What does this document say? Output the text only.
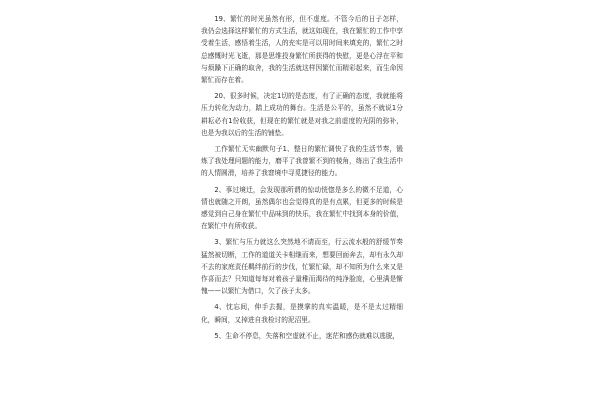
19、繁忙的时光虽然有形，但不虚度。不管今后的日子怎样，我仍会选择这样繁忙的方式生活，就这如现在，我在繁忙的工作中享受着生活，感悟着生活，人的充实是可以用时间来填充的，繁忙之时总感慨时光飞逝，那是思维投身繁忙所获得的快慰，更是心浮在平和与烦躁下正确的取舍，我的生活就这样因繁忙而精彩起来，而生命因繁忙而存在着。

20、很多时候，决定1切的是态度，有了正确的态度，我就能将压力转化为动力，踏上成功的舞台。生活是公平的，虽然不就说1分耕耘必有1份收获，但现在的繁忙就是对我之前虚度的光阴的弥补，也是为我以后的生活的铺垫。

工作繁忙无实幽默句子1、整日的繁忙调快了我的生活节奏，锻炼了我处理问题的能力，磨平了我曾繁不到的棱角，练出了我生活中的人情圆滑，培养了我窘境中寻觅捷径的能力。

2、事过境迁，会发现那所谓的惊动恍惚是多么的微不足道，心情也就随之开朗，虽然偶尔也会觉得真的是有点累，但更多的时候是感觉到自己身在繁忙中品味到的快乐，我在繁忙中找到本身的价值，在繁忙中有所收获。

3、繁忙与压力就这么突然地不请而至，行云流水般的舒缓节奏猛然被切断，工作的道道关卡相继而来，想要回面奔去，却有永久却不去的家庭责任羁绊前行的步伐，忙繁忙碌，却不知所为什么来又是作喜而去？只知道每每对着孩子量稚而渴待的纯净脸庞，心里满是惭愧——以繁忙为借口，欠了孩子太多。

4、忱忘间，伸手去握，是摸掌的真实温暖，是不是太过精细化，瞬间，又掉进自我检讨的泥沼里。

5、生命不停息，失落和空虚就不止，迷茫和感伤就难以逃脱，
